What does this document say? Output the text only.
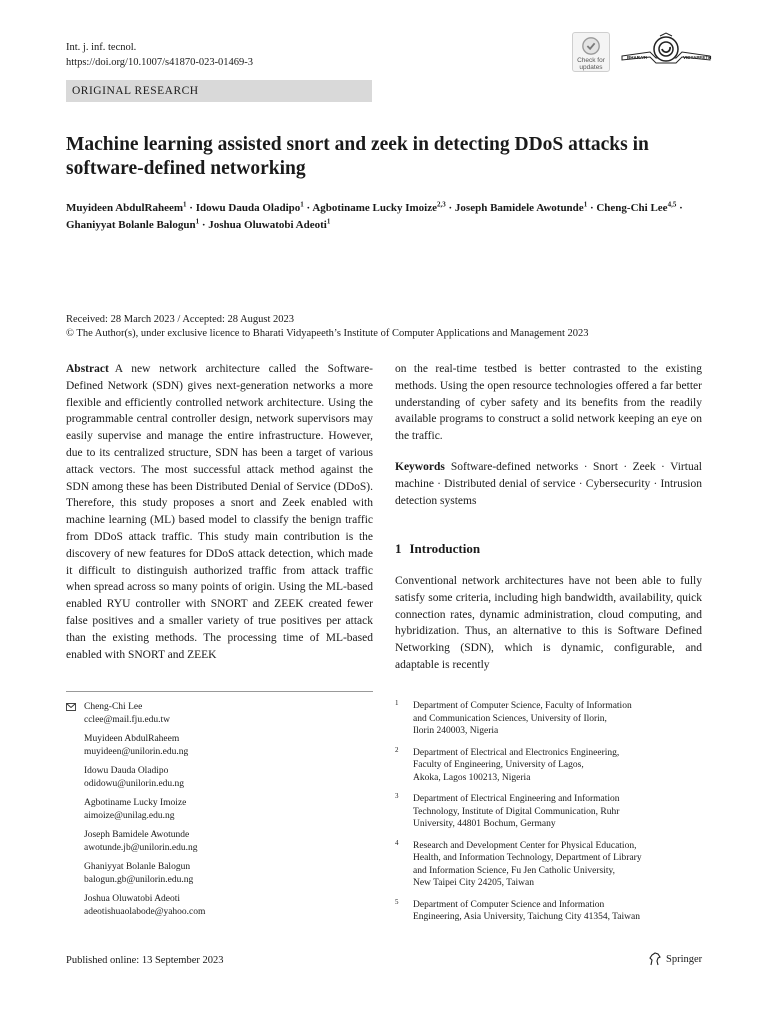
Int. j. inf. tecnol.
https://doi.org/10.1007/s41870-023-01469-3	Check for updates
BHARATI	VIDYAPEETH
ORIGINAL RESEARCH
Machine learning assisted snort and zeek in detecting DDoS attacks in software-defined networking
Muyideen AbdulRaheem$^1$ · Idowu Dauda Oladipo$^1$ · Agbotiname Lucky Imoize$^{2,3}$ · Joseph Bamidele Awotunde$^1$ · Cheng-Chi Lee$^{4,5}$ · Ghaniyyat Bolanle Balogun$^1$ · Joshua Oluwatobi Adeoti$^1$
Received: 28 March 2023 / Accepted: 28 August 2023
© The Author(s), under exclusive licence to Bharati Vidyapeeth’s Institute of Computer Applications and Management 2023

Abstract A new network architecture called the Software-Defined Network (SDN) gives next-generation networks a more flexible and efficiently controlled network architecture. Using the programmable central controller design, network supervisors may easily supervise and manage the entire infrastructure. However, due to its centralized structure, SDN has been a target of various attack vectors. The most successful attack method against the SDN among these has been Distributed Denial of Service (DDoS). Therefore, this study proposes a snort and Zeek enabled with machine learning (ML) based model to classify the benign traffic from DDoS attack traffic. This study main contribution is the discovery of new features for DDoS attack detection, which made it difficult to distinguish authorized traffic from attack traffic when spread across so many points of origin. Using the ML-based enabled RYU controller with SNORT and ZEEK created fewer false positives and a smaller variety of true positives per attack than the existing methods. The processing time of ML-based enabled with SNORT and ZEEK

on the real-time testbed is better contrasted to the existing methods. Using the open resource technologies offered a far better understanding of cyber safety and its benefits from the readily available programs to construct a solid network keeping an eye on the traffic.

Keywords Software-defined networks · Snort · Zeek · Virtual machine · Distributed denial of service · Cybersecurity · Intrusion detection systems

1 Introduction

Conventional network architectures have not been able to fully satisfy some criteria, including high bandwidth, availability, quick connection rates, dynamic administration, cloud computing, and hybridization. Thus, an alternative to this is Software Defined Networking (SDN), which is dynamic, configurable, and adaptable is recently

Cheng-Chi Lee
cclee@mail.fju.edu.tw
Muyideen AbdulRaheem
muyideen@unilorin.edu.ng
Idowu Dauda Oladipo
odidowu@unilorin.edu.ng
Agbotiname Lucky Imoize
aimoize@unilag.edu.ng
Joseph Bamidele Awotunde
awotunde.jb@unilorin.edu.ng
Ghaniyyat Bolanle Balogun
balogun.gb@unilorin.edu.ng
Joshua Oluwatobi Adeoti
adeotishuaolabode@yahoo.com
1 Department of Computer Science, Faculty of Information
and Communication Sciences, University of Ilorin,
Ilorin 240003, Nigeria
2 Department of Electrical and Electronics Engineering,
Faculty of Engineering, University of Lagos,
Akoka, Lagos 100213, Nigeria
3 Department of Electrical Engineering and Information
Technology, Institute of Digital Communication, Ruhr
University, 44801 Bochum, Germany
4 Research and Development Center for Physical Education,
Health, and Information Technology, Department of Library
and Information Science, Fu Jen Catholic University,
New Taipei City 24205, Taiwan
5 Department of Computer Science and Information
Engineering, Asia University, Taichung City 41354, Taiwan
Published online: 13 September 2023	Springer
